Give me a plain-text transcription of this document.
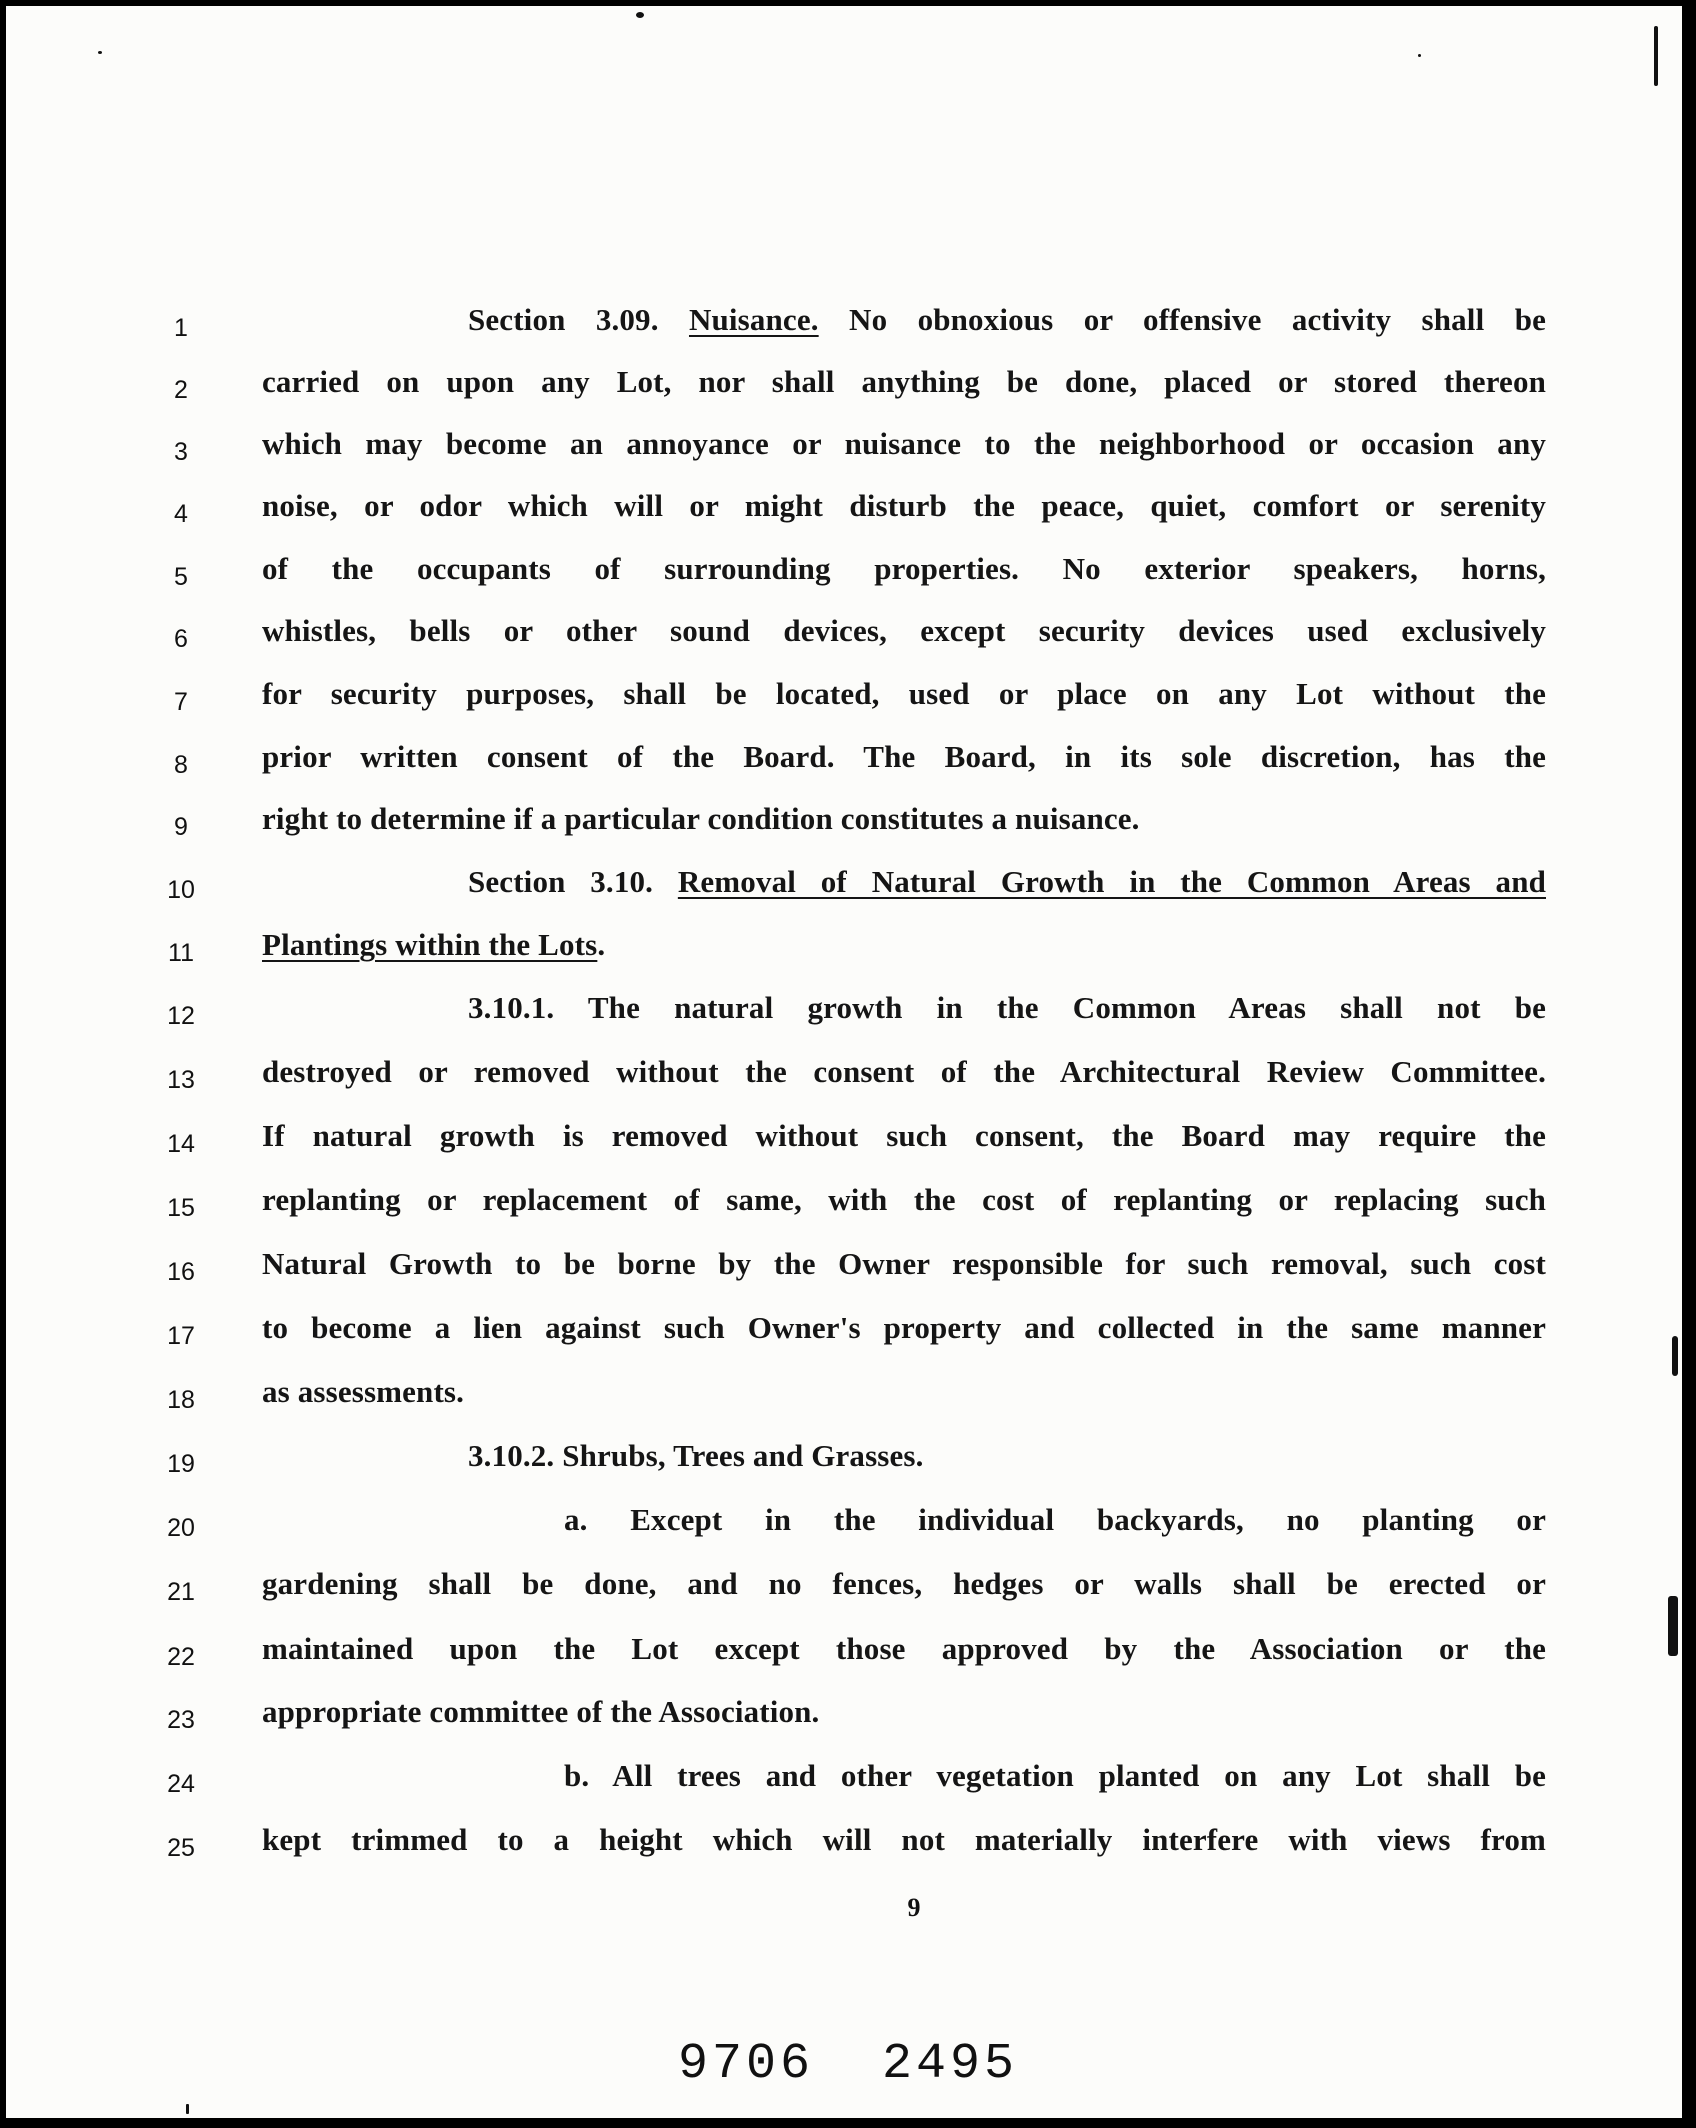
1	Section 3.09. Nuisance. No obnoxious or offensive activity shall be
2	carried on upon any Lot, nor shall anything be done, placed or stored thereon
3	which may become an annoyance or nuisance to the neighborhood or occasion any
4	noise, or odor which will or might disturb the peace, quiet, comfort or serenity
5	of the occupants of surrounding properties. No exterior speakers, horns,
6	whistles, bells or other sound devices, except security devices used exclusively
7	for security purposes, shall be located, used or place on any Lot without the
8	prior written consent of the Board. The Board, in its sole discretion, has the
9	right to determine if a particular condition constitutes a nuisance.
10	Section 3.10. Removal of Natural Growth in the Common Areas and
11	Plantings within the Lots.
12	3.10.1. The natural growth in the Common Areas shall not be
13	destroyed or removed without the consent of the Architectural Review Committee.
14	If natural growth is removed without such consent, the Board may require the
15	replanting or replacement of same, with the cost of replanting or replacing such
16	Natural Growth to be borne by the Owner responsible for such removal, such cost
17	to become a lien against such Owner's property and collected in the same manner
18	as assessments.
19	3.10.2. Shrubs, Trees and Grasses.
20	a. Except in the individual backyards, no planting or
21	gardening shall be done, and no fences, hedges or walls shall be erected or
22	maintained upon the Lot except those approved by the Association or the
23	appropriate committee of the Association.
24	b. All trees and other vegetation planted on any Lot shall be
25	kept trimmed to a height which will not materially interfere with views from
9
9706  2495
